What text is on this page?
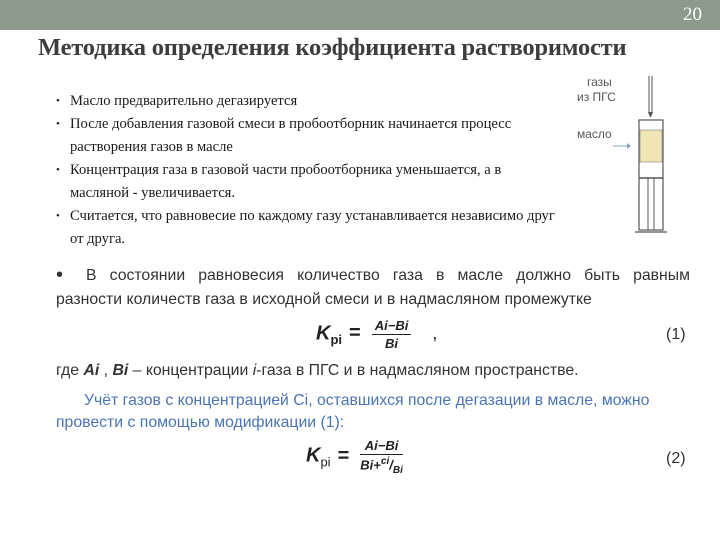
20
Методика определения коэффициента растворимости
• Масло предварительно дегазируется
• После добавления газовой смеси в пробоотборник начинается процесс растворения газов в масле
• Концентрация газа в газовой части пробоотборника уменьшается, а в масляной - увеличивается.
• Считается, что равновесие по каждому газу устанавливается независимо друг от друга.
газы
из ПГС
масло
•	В состоянии равновесия количество газа в масле должно быть равным
разности количеств газа в исходной смеси и в надмасляном промежутке
$K_{pi} = \frac{Ai-Bi}{Bi}$ ,	(1)
где Ai , Bi – концентрации i-газа в ПГС и в надмасляном пространстве.
Учёт газов с концентрацией Ci, оставшихся после дегазации в масле, можно провести с помощью модификации (1):
$K_{pi} = \frac{Ai-Bi}{Bi+^{ci}/_{Bi}}$	(2)
